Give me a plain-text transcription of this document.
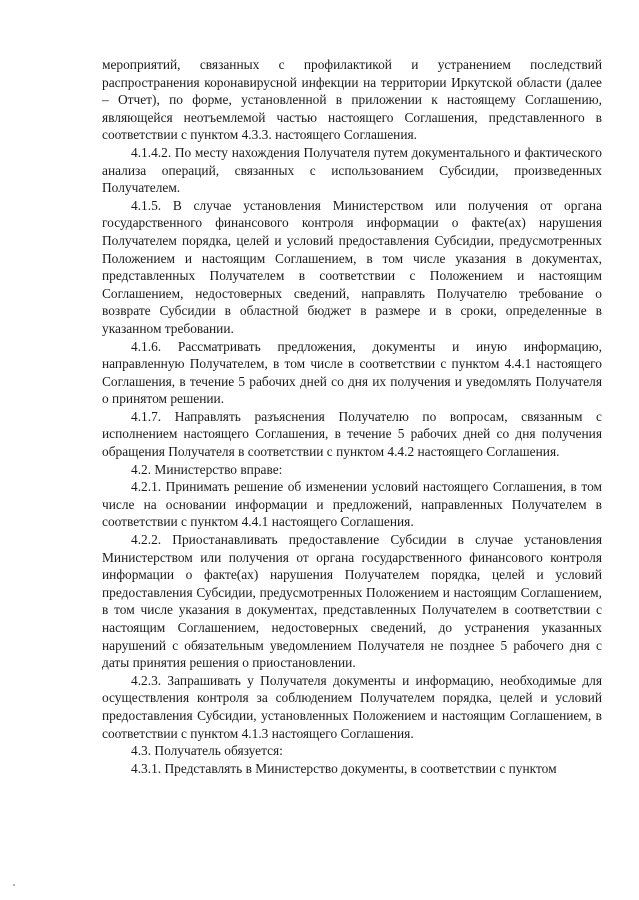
мероприятий, связанных с профилактикой и устранением последствий распространения коронавирусной инфекции на территории Иркутской области (далее – Отчет), по форме, установленной в приложении к настоящему Соглашению, являющейся неотъемлемой частью настоящего Соглашения, представленного в соответствии с пунктом 4.3.3. настоящего Соглашения.

4.1.4.2. По месту нахождения Получателя путем документального и фактического анализа операций, связанных с использованием Субсидии, произведенных Получателем.

4.1.5. В случае установления Министерством или получения от органа государственного финансового контроля информации о факте(ах) нарушения Получателем порядка, целей и условий предоставления Субсидии, предусмотренных Положением и настоящим Соглашением, в том числе указания в документах, представленных Получателем в соответствии с Положением и настоящим Соглашением, недостоверных сведений, направлять Получателю требование о возврате Субсидии в областной бюджет в размере и в сроки, определенные в указанном требовании.

4.1.6. Рассматривать предложения, документы и иную информацию, направленную Получателем, в том числе в соответствии с пунктом 4.4.1 настоящего Соглашения, в течение 5 рабочих дней со дня их получения и уведомлять Получателя о принятом решении.

4.1.7. Направлять разъяснения Получателю по вопросам, связанным с исполнением настоящего Соглашения, в течение 5 рабочих дней со дня получения обращения Получателя в соответствии с пунктом 4.4.2 настоящего Соглашения.

4.2. Министерство вправе:

4.2.1. Принимать решение об изменении условий настоящего Соглашения, в том числе на основании информации и предложений, направленных Получателем в соответствии с пунктом 4.4.1 настоящего Соглашения.

4.2.2. Приостанавливать предоставление Субсидии в случае установления Министерством или получения от органа государственного финансового контроля информации о факте(ах) нарушения Получателем порядка, целей и условий предоставления Субсидии, предусмотренных Положением и настоящим Соглашением, в том числе указания в документах, представленных Получателем в соответствии с настоящим Соглашением, недостоверных сведений, до устранения указанных нарушений с обязательным уведомлением Получателя не позднее 5 рабочего дня с даты принятия решения о приостановлении.

4.2.3. Запрашивать у Получателя документы и информацию, необходимые для осуществления контроля за соблюдением Получателем порядка, целей и условий предоставления Субсидии, установленных Положением и настоящим Соглашением, в соответствии с пунктом 4.1.3 настоящего Соглашения.

4.3. Получатель обязуется:

4.3.1. Представлять в Министерство документы, в соответствии с пунктом
